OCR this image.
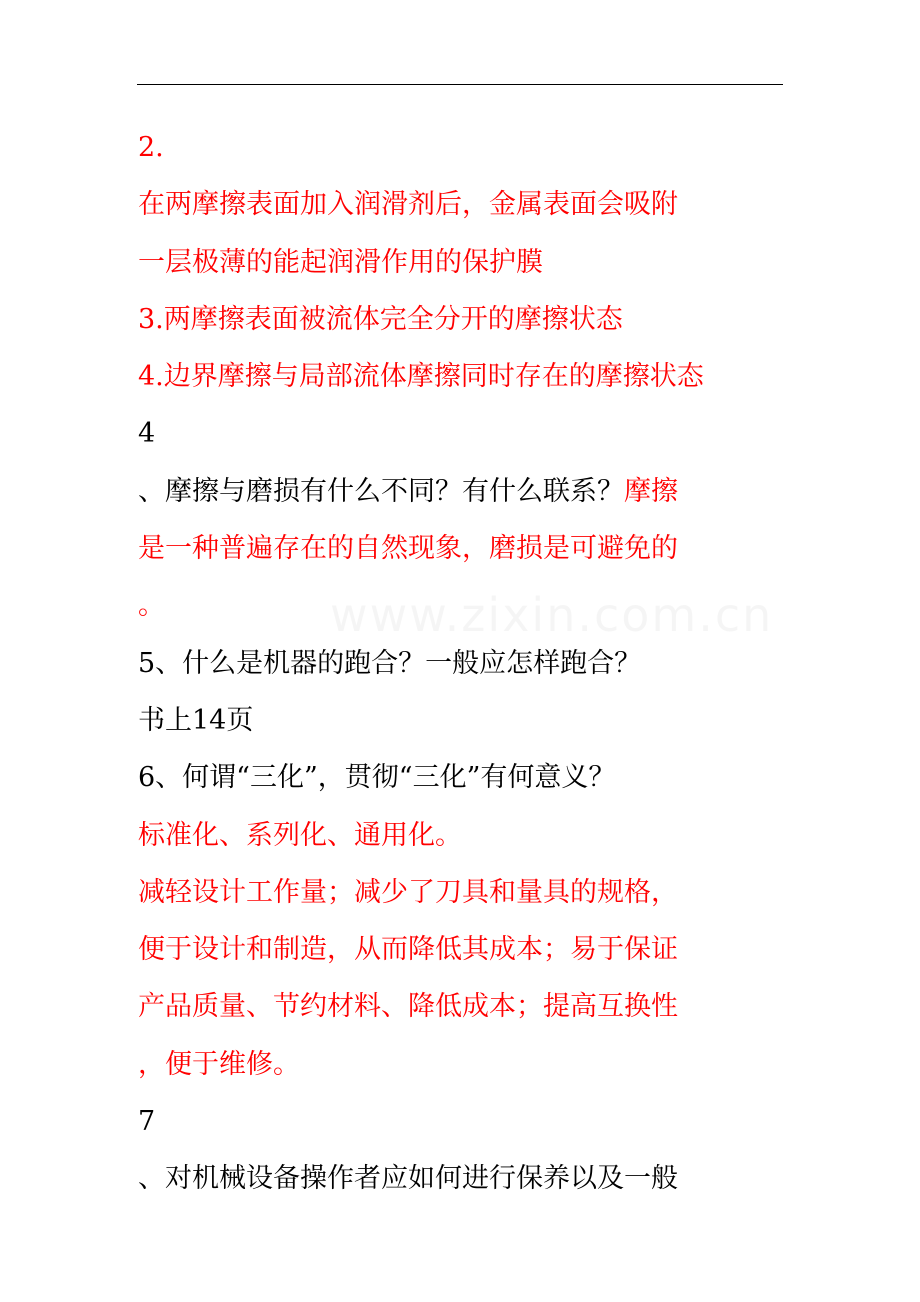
2.
在两摩擦表面加入润滑剂后，金属表面会吸附
一层极薄的能起润滑作用的保护膜
3.两摩擦表面被流体完全分开的摩擦状态
4.边界摩擦与局部流体摩擦同时存在的摩擦状态
4
、摩擦与磨损有什么不同？有什么联系？摩擦
是一种普遍存在的自然现象，磨损是可避免的
。
5、什么是机器的跑合？一般应怎样跑合？
书上14页
6、何谓“三化”，贯彻“三化”有何意义？
标准化、系列化、通用化。
减轻设计工作量；减少了刀具和量具的规格，
便于设计和制造，从而降低其成本；易于保证
产品质量、节约材料、降低成本；提高互换性
，便于维修。
7
、对机械设备操作者应如何进行保养以及一般
